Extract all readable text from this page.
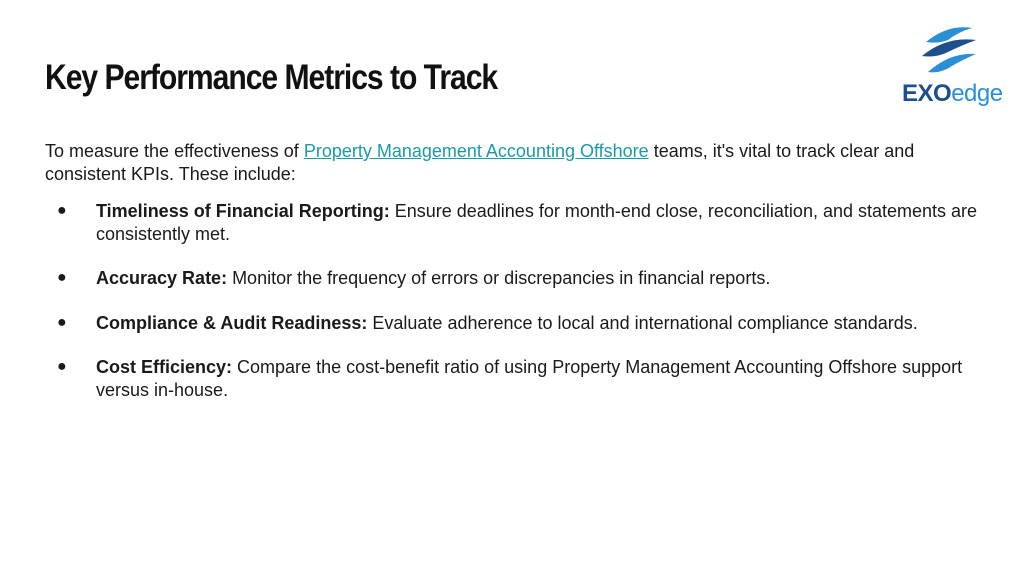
Key Performance Metrics to Track	EXOedge

To measure the effectiveness of Property Management Accounting Offshore teams, it's vital to track clear and consistent KPIs. These include:

● Timeliness of Financial Reporting: Ensure deadlines for month-end close, reconciliation, and statements are consistently met.
● Accuracy Rate: Monitor the frequency of errors or discrepancies in financial reports.
● Compliance & Audit Readiness: Evaluate adherence to local and international compliance standards.
● Cost Efficiency: Compare the cost-benefit ratio of using Property Management Accounting Offshore support versus in-house.
